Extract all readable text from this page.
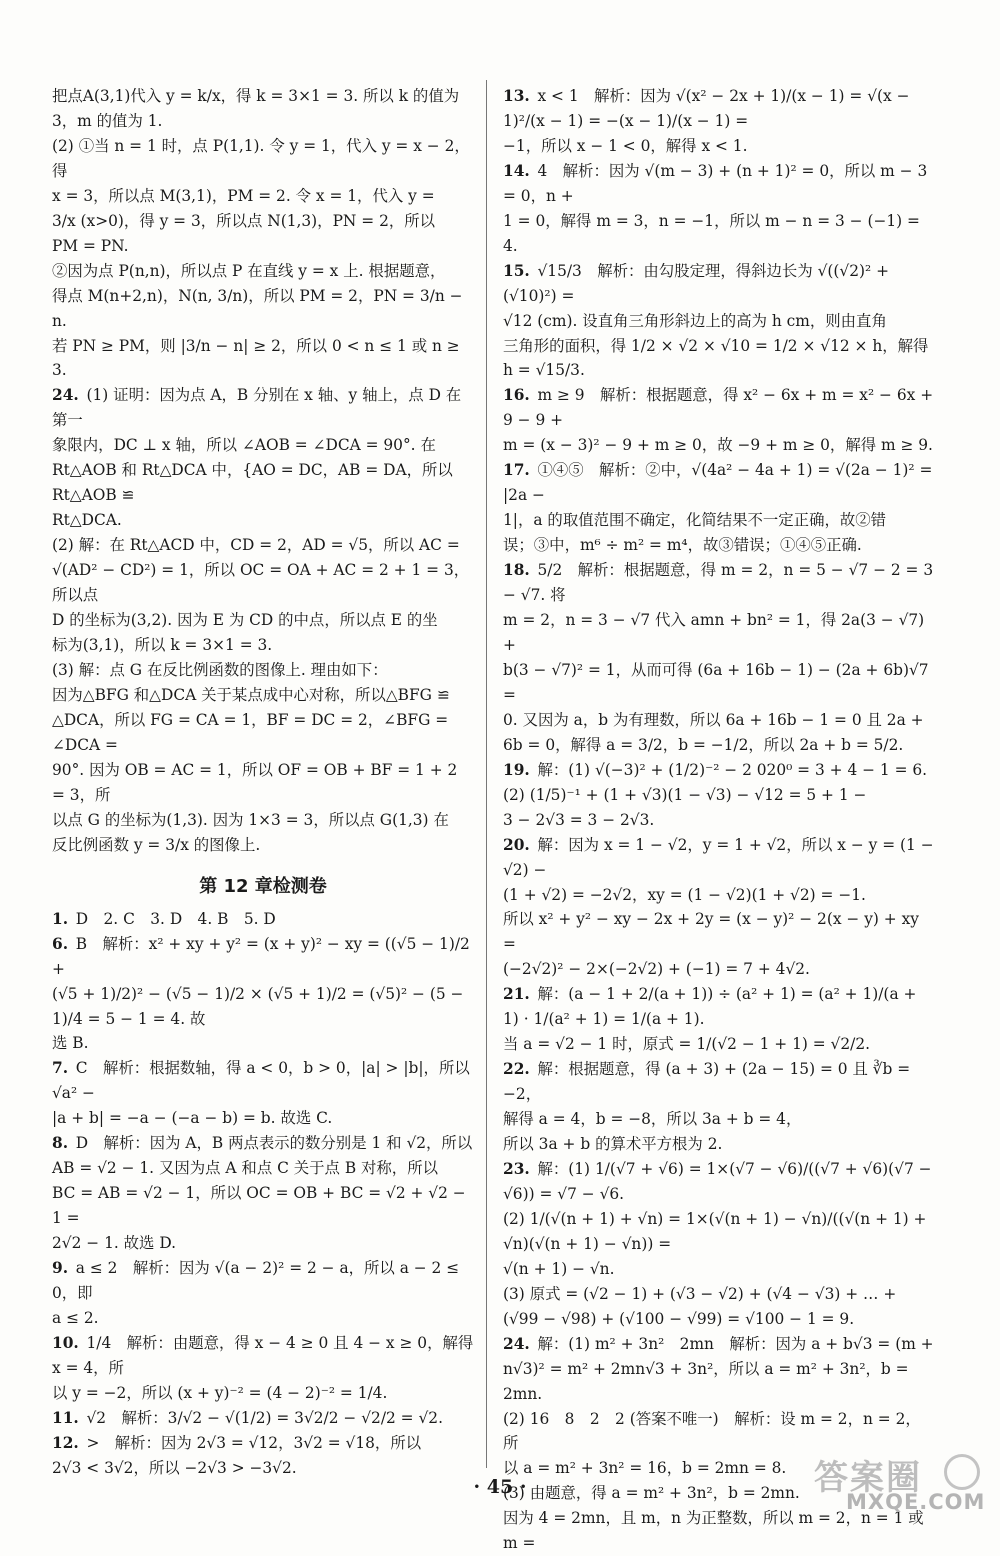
把点A(3,1)代入 y = k/x，得 k = 3×1 = 3. 所以 k 的值为

3，m 的值为 1.

(2) ①当 n = 1 时，点 P(1,1). 令 y = 1，代入 y = x − 2，得

x = 3，所以点 M(3,1)，PM = 2. 令 x = 1，代入 y =

3/x (x>0)，得 y = 3，所以点 N(1,3)，PN = 2，所以

PM = PN.

②因为点 P(n,n)，所以点 P 在直线 y = x 上. 根据题意，

得点 M(n+2,n)，N(n, 3/n)，所以 PM = 2，PN = 3/n − n.

若 PN ≥ PM，则 |3/n − n| ≥ 2，所以 0 < n ≤ 1 或 n ≥ 3.

24.  (1) 证明：因为点 A，B 分别在 x 轴、y 轴上，点 D 在第一

象限内，DC ⊥ x 轴，所以 ∠AOB = ∠DCA = 90°. 在

Rt△AOB 和 Rt△DCA 中，{AO = DC，AB = DA，所以 Rt△AOB ≌

Rt△DCA.

(2) 解：在 Rt△ACD 中，CD = 2，AD = √5，所以 AC =

√(AD² − CD²) = 1，所以 OC = OA + AC = 2 + 1 = 3，所以点

D 的坐标为(3,2). 因为 E 为 CD 的中点，所以点 E 的坐

标为(3,1)，所以 k = 3×1 = 3.

(3) 解：点 G 在反比例函数的图像上. 理由如下：

因为△BFG 和△DCA 关于某点成中心对称，所以△BFG ≌

△DCA，所以 FG = CA = 1，BF = DC = 2，∠BFG = ∠DCA =

90°. 因为 OB = AC = 1，所以 OF = OB + BF = 1 + 2 = 3，所

以点 G 的坐标为(1,3). 因为 1×3 = 3，所以点 G(1,3) 在

反比例函数 y = 3/x 的图像上.

第 12 章检测卷

1.  D　2. C　3. D　4. B　5. D

6.  B　解析：x² + xy + y² = (x + y)² − xy = ((√5 − 1)/2 +

(√5 + 1)/2)² − (√5 − 1)/2 × (√5 + 1)/2 = (√5)² − (5 − 1)/4 = 5 − 1 = 4. 故

选 B.

7.  C　解析：根据数轴，得 a < 0，b > 0，|a| > |b|，所以 √a² −

|a + b| = −a − (−a − b) = b. 故选 C.

8.  D　解析：因为 A，B 两点表示的数分别是 1 和 √2，所以

AB = √2 − 1. 又因为点 A 和点 C 关于点 B 对称，所以

BC = AB = √2 − 1，所以 OC = OB + BC = √2 + √2 − 1 =

2√2 − 1. 故选 D.

9.  a ≤ 2　解析：因为 √(a − 2)² = 2 − a，所以 a − 2 ≤ 0，即

a ≤ 2.

10.  1/4　解析：由题意，得 x − 4 ≥ 0 且 4 − x ≥ 0，解得 x = 4，所

以 y = −2，所以 (x + y)⁻² = (4 − 2)⁻² = 1/4.

11.  √2　解析：3/√2 − √(1/2) = 3√2/2 − √2/2 = √2.

12.  >　解析：因为 2√3 = √12，3√2 = √18，所以

2√3 < 3√2，所以 −2√3 > −3√2.

13.  x < 1　解析：因为 √(x² − 2x + 1)/(x − 1) = √(x − 1)²/(x − 1) = −(x − 1)/(x − 1) =

−1，所以 x − 1 < 0，解得 x < 1.

14.  4　解析：因为 √(m − 3) + (n + 1)² = 0，所以 m − 3 = 0，n +

1 = 0，解得 m = 3，n = −1，所以 m − n = 3 − (−1) = 4.

15.  √15/3　解析：由勾股定理，得斜边长为 √((√2)² + (√10)²) =

√12 (cm). 设直角三角形斜边上的高为 h cm，则由直角

三角形的面积，得 1/2 × √2 × √10 = 1/2 × √12 × h，解得

h = √15/3.

16.  m ≥ 9　解析：根据题意，得 x² − 6x + m = x² − 6x + 9 − 9 +

m = (x − 3)² − 9 + m ≥ 0，故 −9 + m ≥ 0，解得 m ≥ 9.

17.  ①④⑤　解析：②中，√(4a² − 4a + 1) = √(2a − 1)² = |2a −

1|，a 的取值范围不确定，化简结果不一定正确，故②错

误；③中，m⁶ ÷ m² = m⁴，故③错误；①④⑤正确.

18.  5/2　解析：根据题意，得 m = 2，n = 5 − √7 − 2 = 3 − √7. 将

m = 2，n = 3 − √7 代入 amn + bn² = 1，得 2a(3 − √7) +

b(3 − √7)² = 1，从而可得 (6a + 16b − 1) − (2a + 6b)√7 =

0. 又因为 a，b 为有理数，所以 6a + 16b − 1 = 0 且 2a +

6b = 0，解得 a = 3/2，b = −1/2，所以 2a + b = 5/2.

19.  解：(1) √(−3)² + (1/2)⁻² − 2 020⁰ = 3 + 4 − 1 = 6.

(2) (1/5)⁻¹ + (1 + √3)(1 − √3) − √12 = 5 + 1 −

3 − 2√3 = 3 − 2√3.

20.  解：因为 x = 1 − √2，y = 1 + √2，所以 x − y = (1 − √2) −

(1 + √2) = −2√2，xy = (1 − √2)(1 + √2) = −1.

所以 x² + y² − xy − 2x + 2y = (x − y)² − 2(x − y) + xy =

(−2√2)² − 2×(−2√2) + (−1) = 7 + 4√2.

21.  解：(a − 1 + 2/(a + 1)) ÷ (a² + 1) = (a² + 1)/(a + 1) · 1/(a² + 1) = 1/(a + 1).

当 a = √2 − 1 时，原式 = 1/(√2 − 1 + 1) = √2/2.

22.  解：根据题意，得 (a + 3) + (2a − 15) = 0 且 ∛b = −2，

解得 a = 4，b = −8，所以 3a + b = 4，

所以 3a + b 的算术平方根为 2.

23.  解：(1) 1/(√7 + √6) = 1×(√7 − √6)/((√7 + √6)(√7 − √6)) = √7 − √6.

(2) 1/(√(n + 1) + √n) = 1×(√(n + 1) − √n)/((√(n + 1) + √n)(√(n + 1) − √n)) =

√(n + 1) − √n.

(3) 原式 = (√2 − 1) + (√3 − √2) + (√4 − √3) + … +

(√99 − √98) + (√100 − √99) = √100 − 1 = 9.

24.  解：(1) m² + 3n²　2mn　解析：因为 a + b√3 = (m +

n√3)² = m² + 2mn√3 + 3n²，所以 a = m² + 3n²，b = 2mn.

(2) 16　8　2　2 (答案不唯一)　解析：设 m = 2，n = 2，所

以 a = m² + 3n² = 16，b = 2mn = 8.

(3) 由题意，得 a = m² + 3n²，b = 2mn.

因为 4 = 2mn，且 m，n 为正整数，所以 m = 2，n = 1 或 m =

· 45 ·	答案圈
MXQE.COM
